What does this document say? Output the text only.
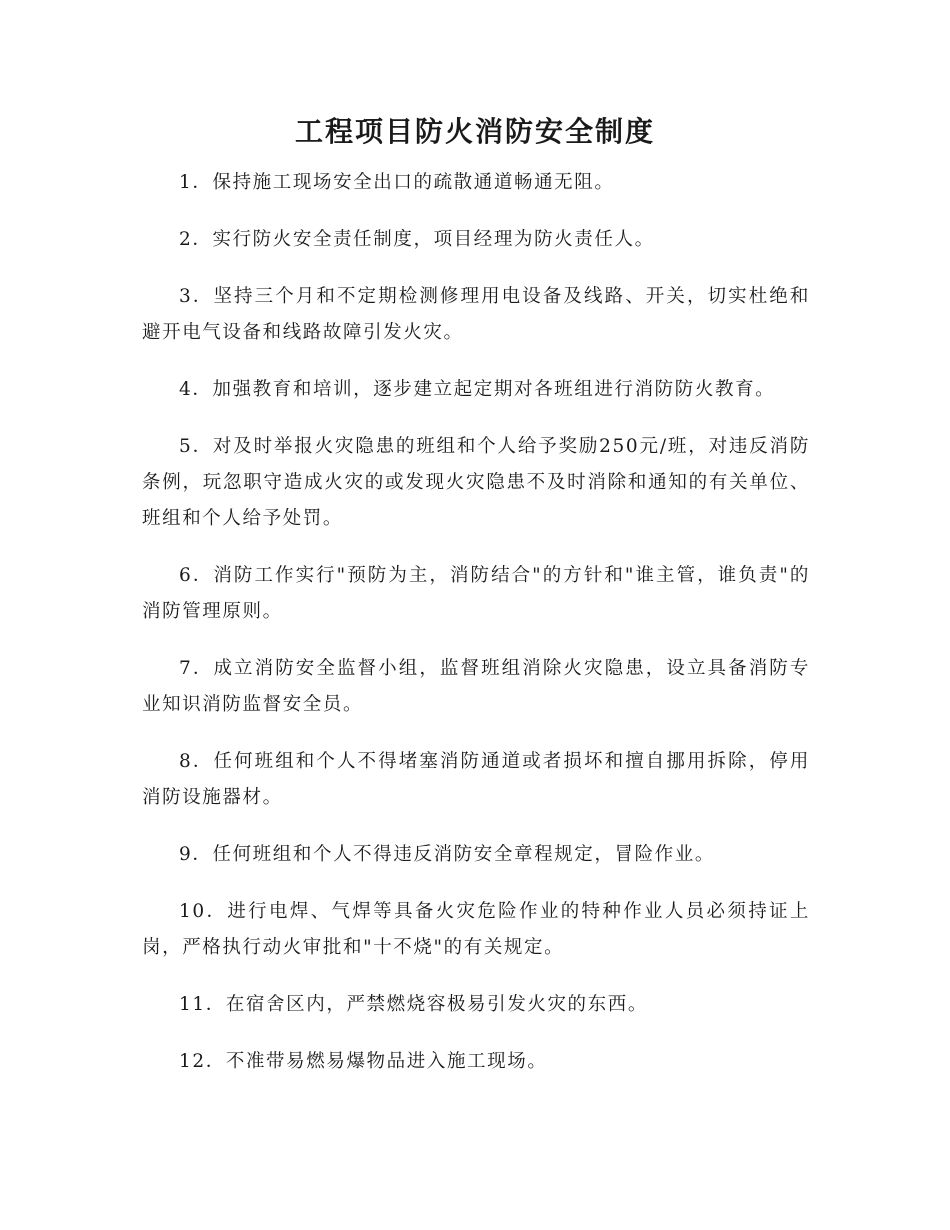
工程项目防火消防安全制度

1．保持施工现场安全出口的疏散通道畅通无阻。

2．实行防火安全责任制度，项目经理为防火责任人。

3．坚持三个月和不定期检测修理用电设备及线路、开关，切实杜绝和避开电气设备和线路故障引发火灾。

4．加强教育和培训，逐步建立起定期对各班组进行消防防火教育。

5．对及时举报火灾隐患的班组和个人给予奖励250元/班，对违反消防条例，玩忽职守造成火灾的或发现火灾隐患不及时消除和通知的有关单位、班组和个人给予处罚。

6．消防工作实行"预防为主，消防结合"的方针和"谁主管，谁负责"的消防管理原则。

7．成立消防安全监督小组，监督班组消除火灾隐患，设立具备消防专业知识消防监督安全员。

8．任何班组和个人不得堵塞消防通道或者损坏和擅自挪用拆除，停用消防设施器材。

9．任何班组和个人不得违反消防安全章程规定，冒险作业。

10．进行电焊、气焊等具备火灾危险作业的特种作业人员必须持证上岗，严格执行动火审批和"十不烧"的有关规定。

11．在宿舍区内，严禁燃烧容极易引发火灾的东西。

12．不准带易燃易爆物品进入施工现场。
